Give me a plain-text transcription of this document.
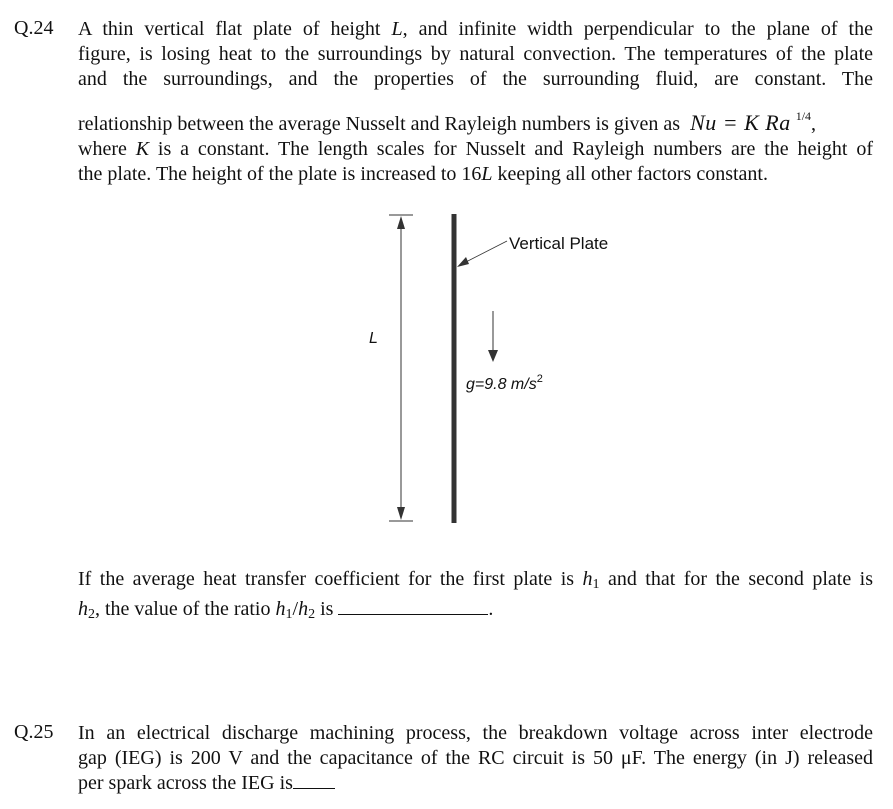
Q.24 A thin vertical flat plate of height L, and infinite width perpendicular to the plane of the
figure, is losing heat to the surroundings by natural convection. The temperatures of the plate
and the surroundings, and the properties of the surrounding fluid, are constant. The
relationship between the average Nusselt and Rayleigh numbers is given as Nu = K Ra $^{1/4}$,
where K is a constant. The length scales for Nusselt and Rayleigh numbers are the height of
the plate. The height of the plate is increased to 16L keeping all other factors constant.
Vertical Plate
L
g=9.8 $m/s^2$
If the average heat transfer coefficient for the first plate is $h_1$ and that for the second plate is
$h_2$, the value of the ratio $h_1/h_2$ is	.
Q.25 In an electrical discharge machining process, the breakdown voltage across inter electrode
gap (IEG) is 200 V and the capacitance of the RC circuit is 50 μF. The energy (in J) released
per spark across the IEG is
